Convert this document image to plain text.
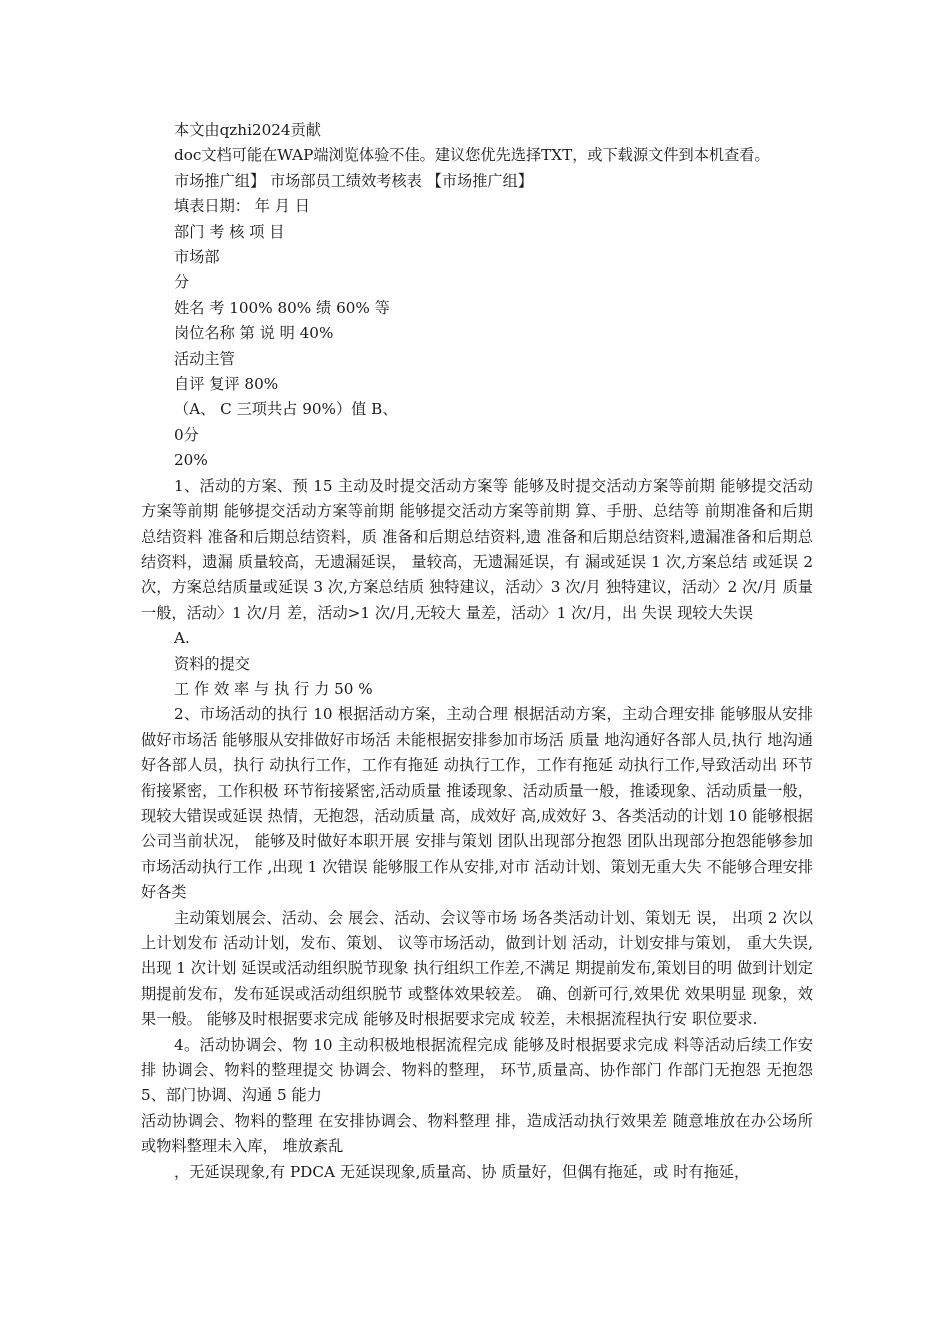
本文由qzhi2024贡献
doc文档可能在WAP端浏览体验不佳。建议您优先选择TXT，或下载源文件到本机查看。
市场推广组】 市场部员工绩效考核表 【市场推广组】
填表日期： 年 月 日
部门 考 核 项 目
市场部
分
姓名 考 100% 80% 绩 60% 等
岗位名称 第 说 明 40%
活动主管
自评 复评 80%
（A、 C 三项共占 90%）值 B、
0分
20%
1、活动的方案、预 15 主动及时提交活动方案等 能够及时提交活动方案等前期 能够提交活动方案等前期 能够提交活动方案等前期 能够提交活动方案等前期 算、手册、总结等 前期准备和后期总结资料 准备和后期总结资料，质 准备和后期总结资料,遗 准备和后期总结资料,遗漏准备和后期总结资料，遗漏 质量较高，无遗漏延误， 量较高，无遗漏延误，有 漏或延误 1 次,方案总结 或延误 2 次，方案总结质量或延误 3 次,方案总结质 独特建议，活动〉3 次/月 独特建议，活动〉2 次/月 质量一般，活动〉1 次/月 差，活动>1 次/月,无较大 量差，活动〉1 次/月，出 失误 现较大失误
A.
资料的提交
工 作 效 率 与 执 行 力 50 %
2、市场活动的执行 10 根据活动方案，主动合理 根据活动方案，主动合理安排 能够服从安排做好市场活 能够服从安排做好市场活 未能根据安排参加市场活 质量 地沟通好各部人员,执行 地沟通好各部人员，执行 动执行工作，工作有拖延 动执行工作，工作有拖延 动执行工作,导致活动出 环节衔接紧密，工作积极 环节衔接紧密,活动质量 推诿现象、活动质量一般，推诿现象、活动质量一般，现较大错误或延误 热情，无抱怨，活动质量 高，成效好 高,成效好 3、各类活动的计划 10 能够根据公司当前状况， 能够及时做好本职开展 安排与策划 团队出现部分抱怨 团队出现部分抱怨能够参加市场活动执行工作 ,出现 1 次错误 能够服工作从安排,对市 活动计划、策划无重大失 不能够合理安排好各类
主动策划展会、活动、会 展会、活动、会议等市场 场各类活动计划、策划无 误， 出项 2 次以上计划发布 活动计划，发布、策划、 议等市场活动，做到计划 活动，计划安排与策划， 重大失误,出现 1 次计划 延误或活动组织脱节现象 执行组织工作差,不满足 期提前发布,策划目的明 做到计划定期提前发布，发布延误或活动组织脱节 或整体效果较差。 确、创新可行,效果优 效果明显 现象，效果一般。 能够及时根据要求完成 能够及时根据要求完成 较差，未根据流程执行安 职位要求.
4。活动协调会、物 10 主动积极地根据流程完成 能够及时根据要求完成 料等活动后续工作安 排 协调会、物料的整理提交 协调会、物料的整理， 环节,质量高、协作部门 作部门无抱怨 无抱怨 5、部门协调、沟通 5 能力
活动协调会、物料的整理 在安排协调会、物料整理 排，造成活动执行效果差 随意堆放在办公场所 或物料整理未入库， 堆放紊乱
，无延误现象,有 PDCA 无延误现象,质量高、协 质量好，但偶有拖延，或 时有拖延，
